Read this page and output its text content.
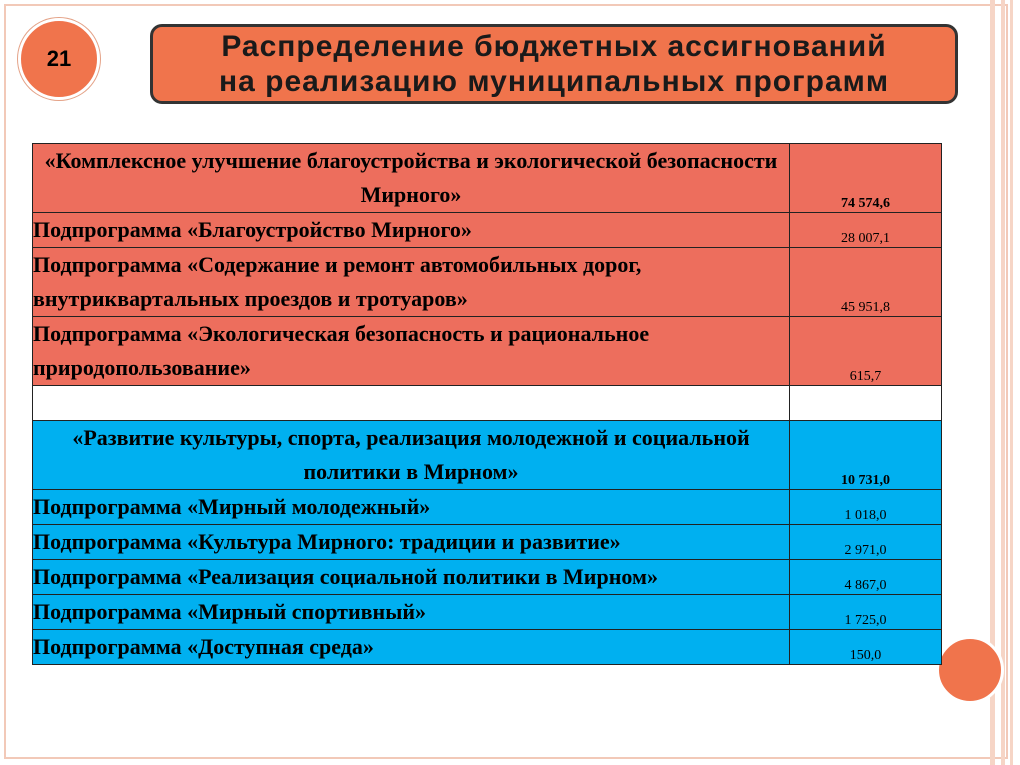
21	Распределение бюджетных ассигнований
на реализацию муниципальных программ
«Комплексное улучшение благоустройства и экологической безопасности Мирного»	74 574,6
Подпрограмма «Благоустройство Мирного»	28 007,1
Подпрограмма «Содержание и ремонт автомобильных дорог, внутриквартальных проездов и тротуаров»	45 951,8
Подпрограмма «Экологическая безопасность и рациональное природопользование»	615,7

«Развитие культуры, спорта, реализация молодежной и социальной политики в Мирном»	10 731,0
Подпрограмма «Мирный молодежный»	1 018,0
Подпрограмма «Культура Мирного: традиции и развитие»	2 971,0
Подпрограмма «Реализация социальной политики в Мирном»	4 867,0
Подпрограмма «Мирный спортивный»	1 725,0
Подпрограмма «Доступная среда»	150,0
